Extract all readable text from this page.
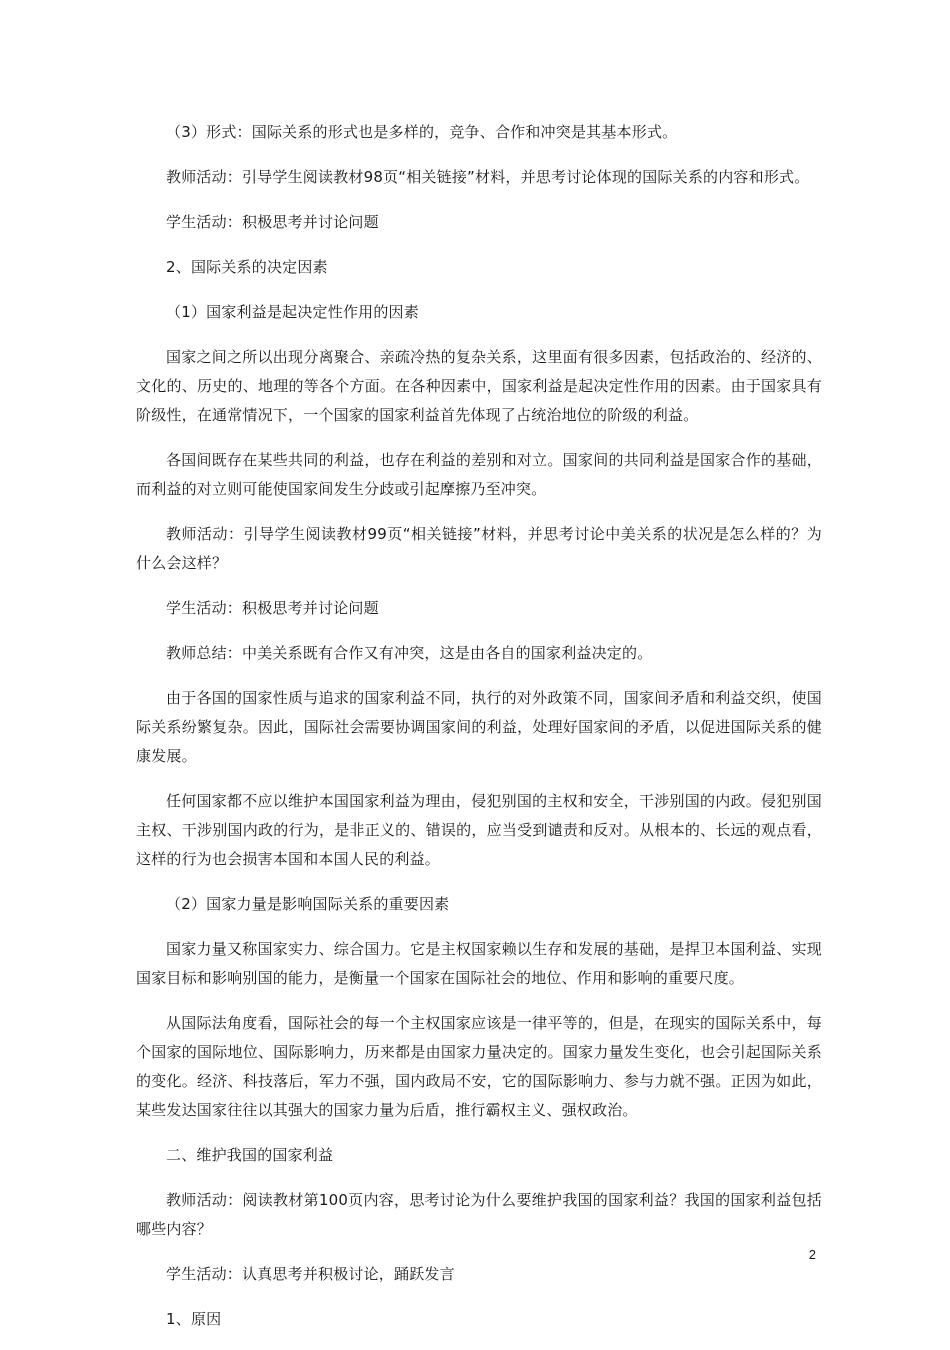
（3）形式：国际关系的形式也是多样的，竞争、合作和冲突是其基本形式。

教师活动：引导学生阅读教材98页“相关链接”材料，并思考讨论体现的国际关系的内容和形式。

学生活动：积极思考并讨论问题

2、国际关系的决定因素

（1）国家利益是起决定性作用的因素

国家之间之所以出现分离聚合、亲疏冷热的复杂关系，这里面有很多因素，包括政治的、经济的、文化的、历史的、地理的等各个方面。在各种因素中，国家利益是起决定性作用的因素。由于国家具有阶级性，在通常情况下，一个国家的国家利益首先体现了占统治地位的阶级的利益。

各国间既存在某些共同的利益，也存在利益的差别和对立。国家间的共同利益是国家合作的基础，而利益的对立则可能使国家间发生分歧或引起摩擦乃至冲突。

教师活动：引导学生阅读教材99页“相关链接”材料，并思考讨论中美关系的状况是怎么样的？为什么会这样？

学生活动：积极思考并讨论问题

教师总结：中美关系既有合作又有冲突，这是由各自的国家利益决定的。

由于各国的国家性质与追求的国家利益不同，执行的对外政策不同，国家间矛盾和利益交织，使国际关系纷繁复杂。因此，国际社会需要协调国家间的利益，处理好国家间的矛盾，以促进国际关系的健康发展。

任何国家都不应以维护本国国家利益为理由，侵犯别国的主权和安全，干涉别国的内政。侵犯别国主权、干涉别国内政的行为，是非正义的、错误的，应当受到谴责和反对。从根本的、长远的观点看，这样的行为也会损害本国和本国人民的利益。

（2）国家力量是影响国际关系的重要因素

国家力量又称国家实力、综合国力。它是主权国家赖以生存和发展的基础，是捍卫本国利益、实现国家目标和影响别国的能力，是衡量一个国家在国际社会的地位、作用和影响的重要尺度。

从国际法角度看，国际社会的每一个主权国家应该是一律平等的，但是，在现实的国际关系中，每个国家的国际地位、国际影响力，历来都是由国家力量决定的。国家力量发生变化，也会引起国际关系的变化。经济、科技落后，军力不强，国内政局不安，它的国际影响力、参与力就不强。正因为如此，某些发达国家往往以其强大的国家力量为后盾，推行霸权主义、强权政治。

二、维护我国的国家利益

教师活动：阅读教材第100页内容，思考讨论为什么要维护我国的国家利益？我国的国家利益包括哪些内容？

学生活动：认真思考并积极讨论，踊跃发言

1、原因

2
